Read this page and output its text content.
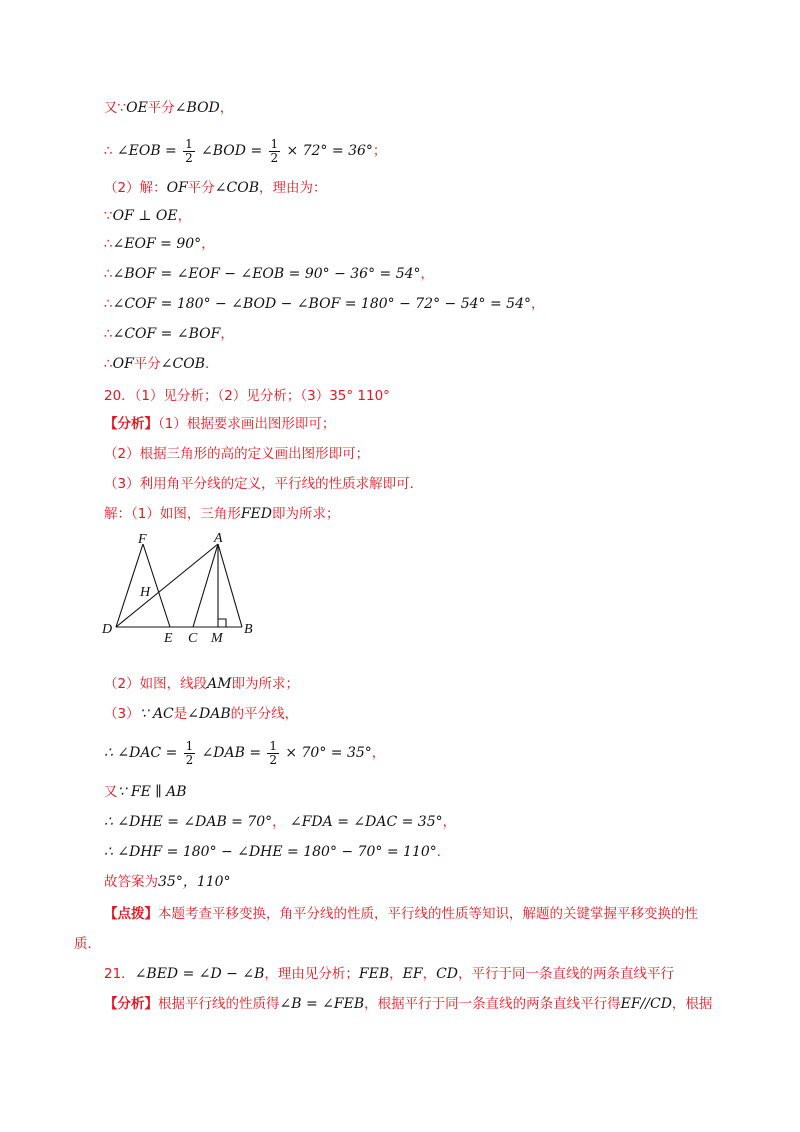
又∵OE平分∠BOD，

∴ ∠EOB = $\frac{1}{2}$ ∠BOD = $\frac{1}{2} \times 72^\circ = 36^\circ$；

（2）解：OF平分∠COB，理由为：

∵OF ⊥ OE，

∴∠EOF = 90°，

∴∠BOF = ∠EOF − ∠EOB = 90° − 36° = 54°，

∴∠COF = 180° − ∠BOD − ∠BOF = 180° − 72° − 54° = 54°，

∴∠COF = ∠BOF，

∴OF平分∠COB．

20．（1）见分析；（2）见分析；（3）35° 110°

【分析】（1）根据要求画出图形即可；

（2）根据三角形的高的定义画出图形即可；

（3）利用角平分线的定义，平行线的性质求解即可．

解：（1）如图，三角形FED即为所求；

F	A
H
D
E C M
B

（2）如图，线段AM即为所求；

（3）∵ AC是∠DAB的平分线，

∴ ∠DAC = $\frac{1}{2}$ ∠DAB = $\frac{1}{2} \times 70^\circ = 35^\circ$，

又∵ FE ∥ AB

∴ ∠DHE = ∠DAB = 70°， ∠FDA = ∠DAC = 35°，

∴ ∠DHF = 180° − ∠DHE = 180° − 70° = 110°．

故答案为35°，110°

【点拨】本题考查平移变换，角平分线的性质，平行线的性质等知识，解题的关键掌握平移变换的性

质．

21．∠BED = ∠D − ∠B，理由见分析；FEB，EF，CD，平行于同一条直线的两条直线平行

【分析】根据平行线的性质得∠B = ∠FEB，根据平行于同一条直线的两条直线平行得EF//CD，根据
